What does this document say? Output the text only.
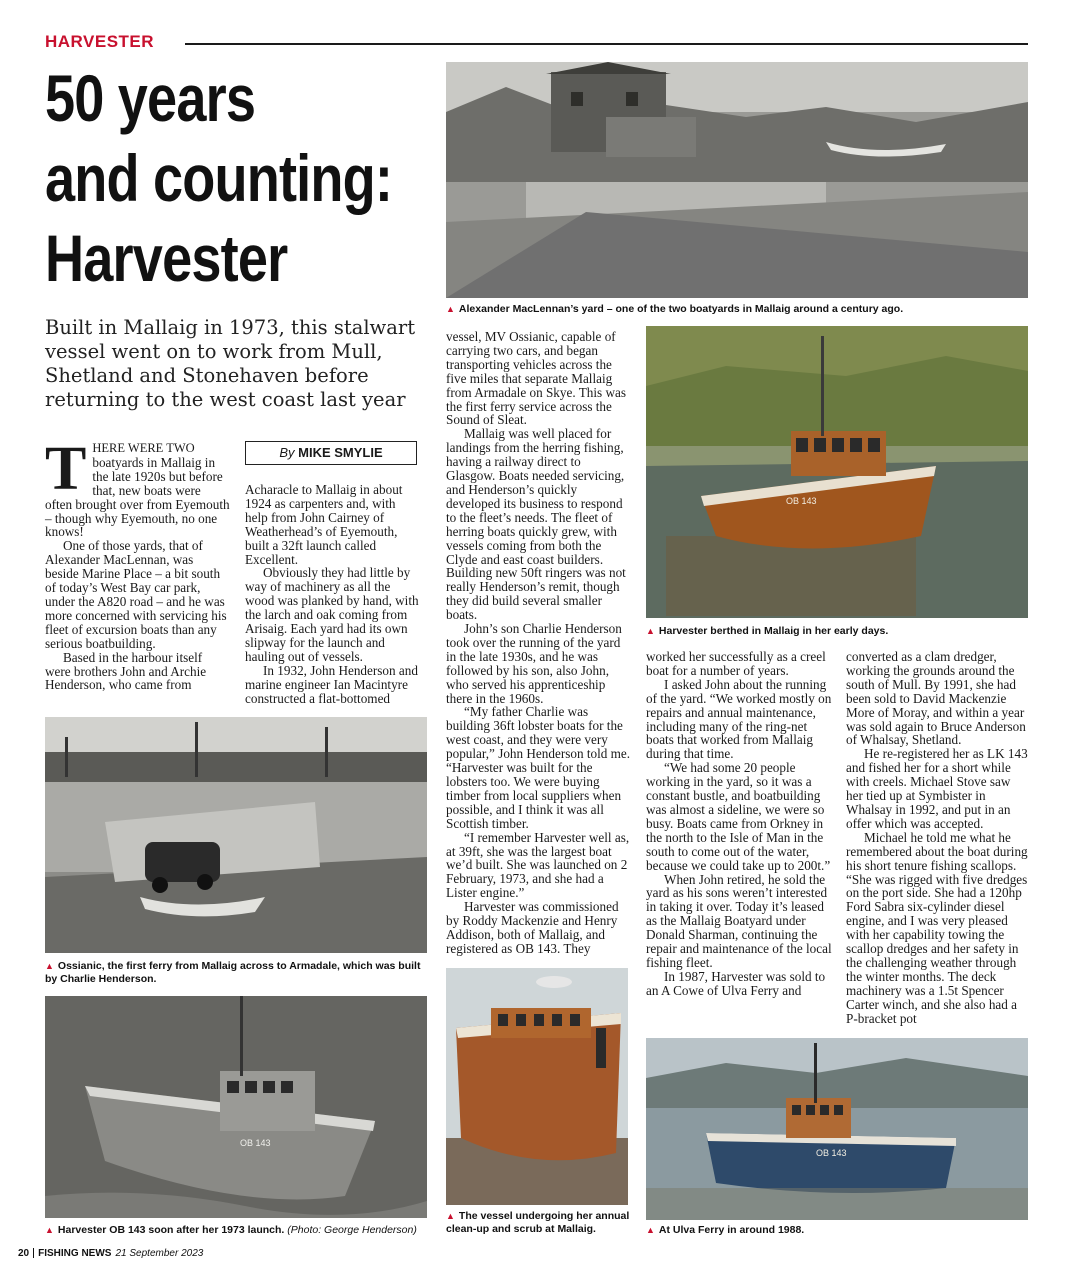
HARVESTER
50 years
and counting:
Harvester
Built in Mallaig in 1973, this stalwart vessel went on to work from Mull, Shetland and Stonehaven before returning to the west coast last year
By MIKE SMYLIE

THERE WERE TWO boatyards in Mallaig in the late 1920s but before that, new boats were often brought over from Eyemouth – though why Eyemouth, no one knows!

One of those yards, that of Alexander MacLennan, was beside Marine Place – a bit south of today’s West Bay car park, under the A820 road – and he was more concerned with servicing his fleet of excursion boats than any serious boatbuilding.

Based in the harbour itself were brothers John and Archie Henderson, who came from

Acharacle to Mallaig in about 1924 as carpenters and, with help from John Cairney of Weatherhead’s of Eyemouth, built a 32ft launch called Excellent.

Obviously they had little by way of machinery as all the wood was planked by hand, with the larch and oak coming from Arisaig. Each yard had its own slipway for the launch and hauling out of vessels.

In 1932, John Henderson and marine engineer Ian Macintyre constructed a flat-bottomed

vessel, MV Ossianic, capable of carrying two cars, and began transporting vehicles across the five miles that separate Mallaig from Armadale on Skye. This was the first ferry service across the Sound of Sleat.

Mallaig was well placed for landings from the herring fishing, having a railway direct to Glasgow. Boats needed servicing, and Henderson’s quickly developed its business to respond to the fleet’s needs. The fleet of herring boats quickly grew, with vessels coming from both the Clyde and east coast builders. Building new 50ft ringers was not really Henderson’s remit, though they did build several smaller boats.

John’s son Charlie Henderson took over the running of the yard in the late 1930s, and he was followed by his son, also John, who served his apprenticeship there in the 1960s.

“My father Charlie was building 36ft lobster boats for the west coast, and they were very popular,” John Henderson told me. “Harvester was built for the lobsters too. We were buying timber from local suppliers when possible, and I think it was all Scottish timber.

“I remember Harvester well as, at 39ft, she was the largest boat we’d built. She was launched on 2 February, 1973, and she had a Lister engine.”

Harvester was commissioned by Roddy Mackenzie and Henry Addison, both of Mallaig, and registered as OB 143. They

worked her successfully as a creel boat for a number of years.

I asked John about the running of the yard. “We worked mostly on repairs and annual maintenance, including many of the ring-net boats that worked from Mallaig during that time.

“We had some 20 people working in the yard, so it was a constant bustle, and boatbuilding was almost a sideline, we were so busy. Boats came from Orkney in the north to the Isle of Man in the south to come out of the water, because we could take up to 200t.”

When John retired, he sold the yard as his sons weren’t interested in taking it over. Today it’s leased as the Mallaig Boatyard under Donald Sharman, continuing the repair and maintenance of the local fishing fleet.

In 1987, Harvester was sold to an A Cowe of Ulva Ferry and

converted as a clam dredger, working the grounds around the south of Mull. By 1991, she had been sold to David Mackenzie More of Moray, and within a year was sold again to Bruce Anderson of Whalsay, Shetland.

He re-registered her as LK 143 and fished her for a short while with creels. Michael Stove saw her tied up at Symbister in Whalsay in 1992, and put in an offer which was accepted.

Michael he told me what he remembered about the boat during his short tenure fishing scallops. “She was rigged with five dredges on the port side. She had a 120hp Ford Sabra six-cylinder diesel engine, and I was very pleased with her capability towing the scallop dredges and her safety in the challenging weather through the winter months. The deck machinery was a 1.5t Spencer Carter winch, and she also had a P-bracket pot

▲ Alexander MacLennan’s yard – one of the two boatyards in Mallaig around a century ago.
OB 143
▲ Harvester berthed in Mallaig in her early days.
▲ Ossianic, the first ferry from Mallaig across to Armadale, which was built by Charlie Henderson.
OB 143
▲ Harvester OB 143 soon after her 1973 launch. (Photo: George Henderson)
▲ The vessel undergoing her annual clean-up and scrub at Mallaig.
OB 143
▲ At Ulva Ferry in around 1988.
20 FISHING NEWS 21 September 2023
